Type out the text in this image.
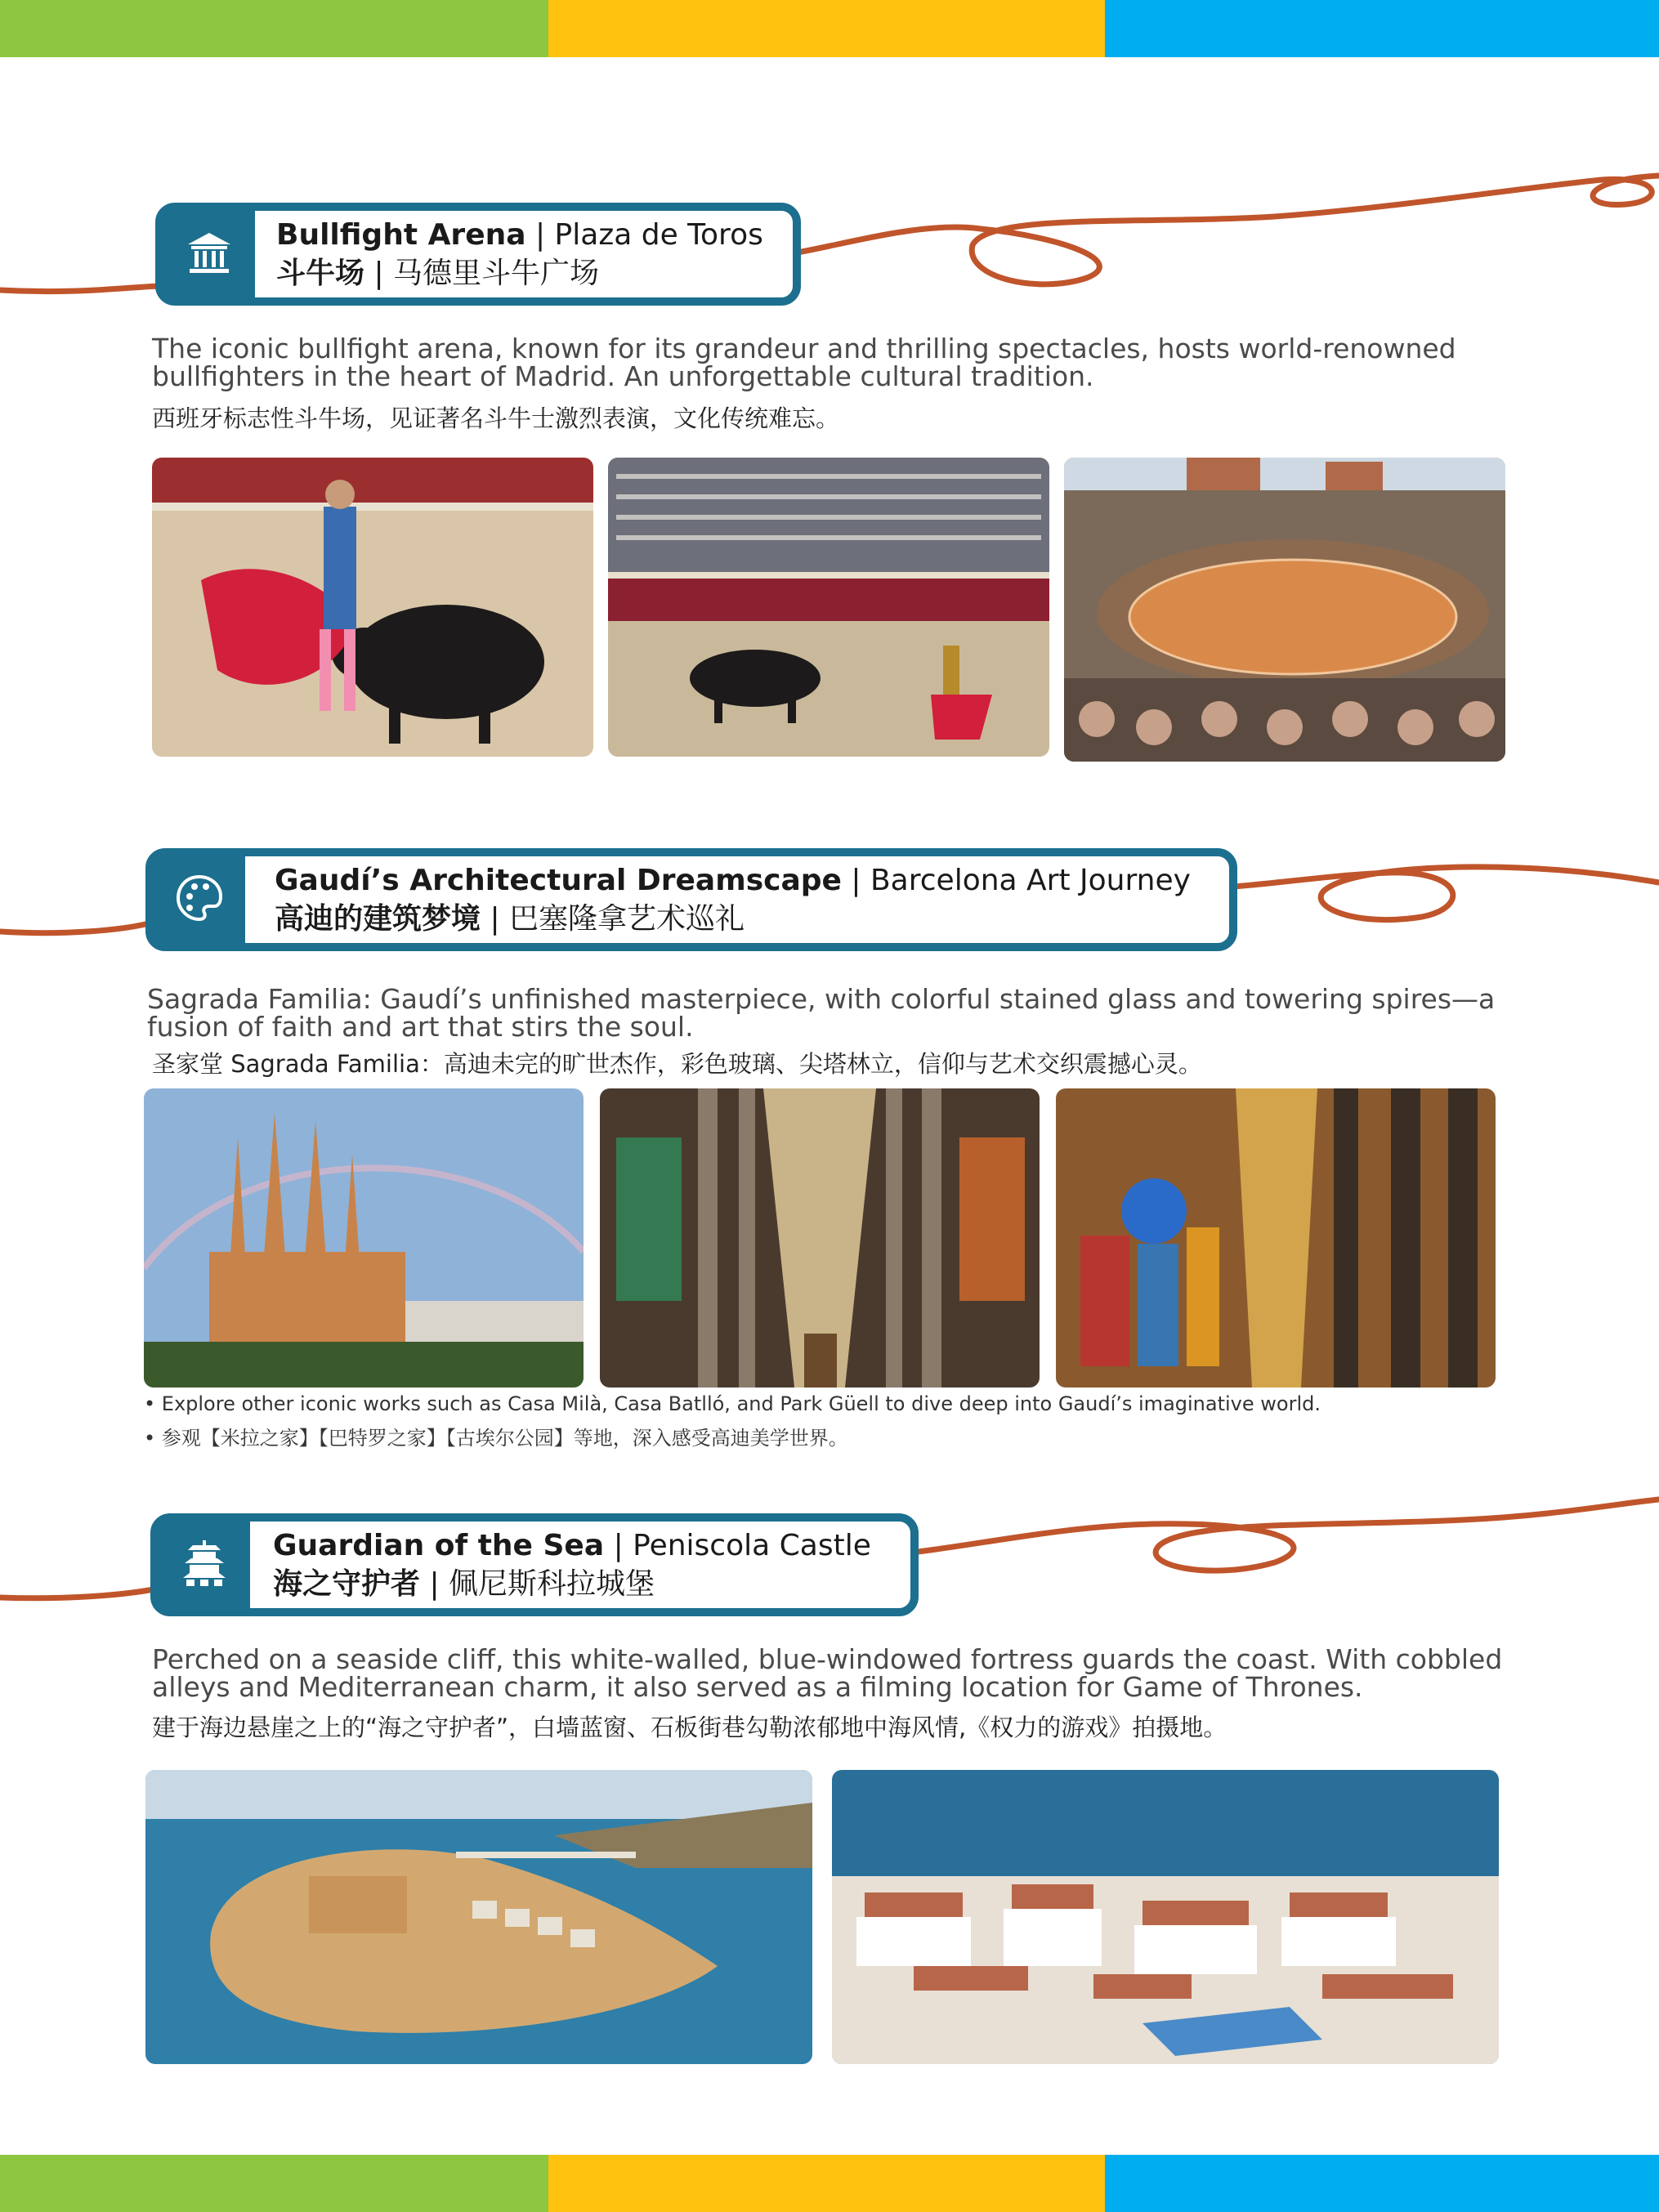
Bullfight Arena | Plaza de Toros
斗牛场 | 马德里斗牛广场
The iconic bullfight arena, known for its grandeur and thrilling spectacles, hosts world-renowned
bullfighters in the heart of Madrid. An unforgettable cultural tradition.
西班牙标志性斗牛场，见证著名斗牛士激烈表演，文化传统难忘。
Gaudí’s Architectural Dreamscape | Barcelona Art Journey
高迪的建筑梦境 | 巴塞隆拿艺术巡礼
Sagrada Familia: Gaudí’s unfinished masterpiece, with colorful stained glass and towering spires—a
fusion of faith and art that stirs the soul.
圣家堂 Sagrada Familia：高迪未完的旷世杰作，彩色玻璃、尖塔林立，信仰与艺术交织震撼心灵。
• Explore other iconic works such as Casa Milà, Casa Batlló, and Park Güell to dive deep into Gaudí’s imaginative world.
• 参观【米拉之家】【巴特罗之家】【古埃尔公园】等地，深入感受高迪美学世界。
Guardian of the Sea | Peniscola Castle
海之守护者 | 佩尼斯科拉城堡
Perched on a seaside cliff, this white-walled, blue-windowed fortress guards the coast. With cobbled
alleys and Mediterranean charm, it also served as a filming location for Game of Thrones.
建于海边悬崖之上的“海之守护者”，白墙蓝窗、石板街巷勾勒浓郁地中海风情,《权力的游戏》拍摄地。
